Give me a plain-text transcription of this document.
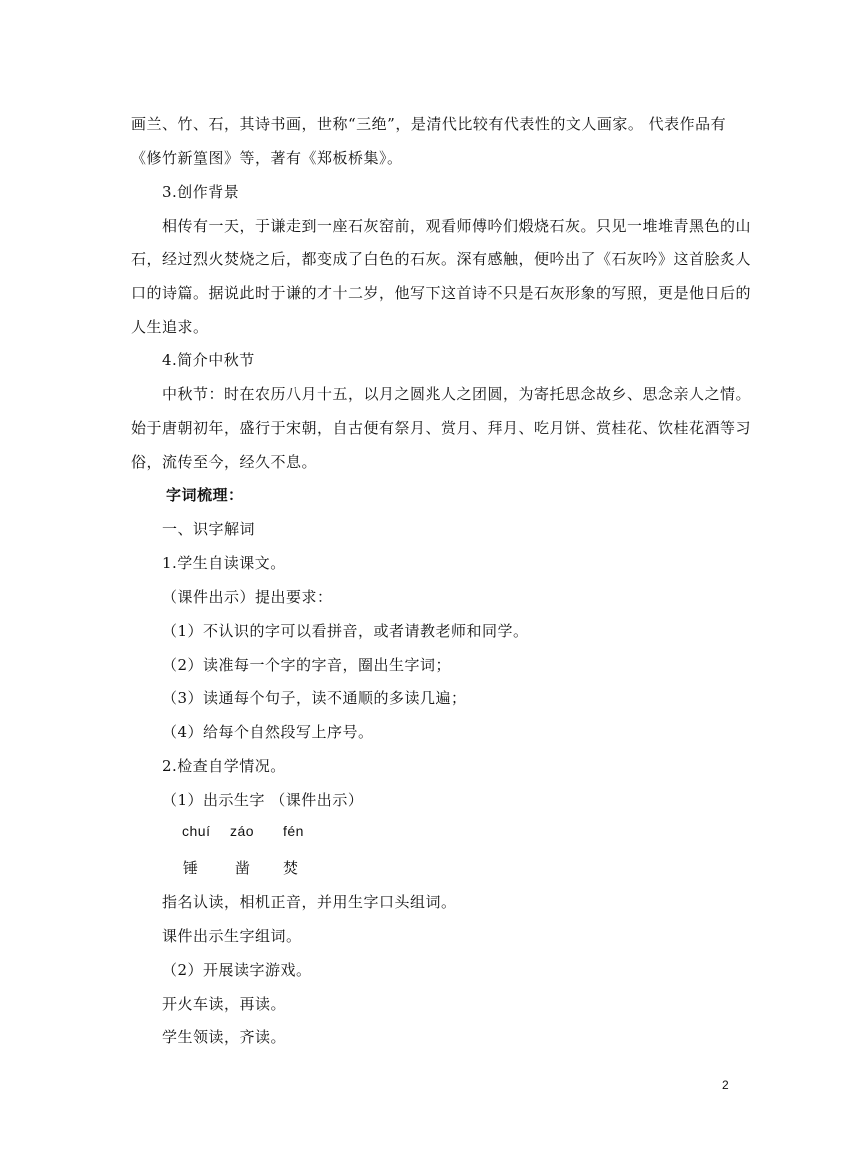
画兰、竹、石，其诗书画，世称“三绝”，是清代比较有代表性的文人画家。 代表作品有
《修竹新篁图》等，著有《郑板桥集》。
3.创作背景
相传有一天，于谦走到一座石灰窑前，观看师傅吟们煅烧石灰。只见一堆堆青黑色的山
石，经过烈火焚烧之后，都变成了白色的石灰。深有感触，便吟出了《石灰吟》这首脍炙人
口的诗篇。据说此时于谦的才十二岁，他写下这首诗不只是石灰形象的写照，更是他日后的
人生追求。
4.简介中秋节
中秋节：时在农历八月十五，以月之圆兆人之团圆，为寄托思念故乡、思念亲人之情。
始于唐朝初年，盛行于宋朝，自古便有祭月、赏月、拜月、吃月饼、赏桂花、饮桂花酒等习
俗，流传至今，经久不息。
字词梳理：
一、识字解词
1.学生自读课文。
（课件出示）提出要求：
（1）不认识的字可以看拼音，或者请教老师和同学。
（2）读准每一个字的字音，圈出生字词；
（3）读通每个句子，读不通顺的多读几遍；
（4）给每个自然段写上序号。
2.检查自学情况。
（1）出示生字 （课件出示）
chuí záo fén
锤 凿 焚
指名认读，相机正音，并用生字口头组词。
课件出示生字组词。
（2）开展读字游戏。
开火车读，再读。
学生领读，齐读。
2
